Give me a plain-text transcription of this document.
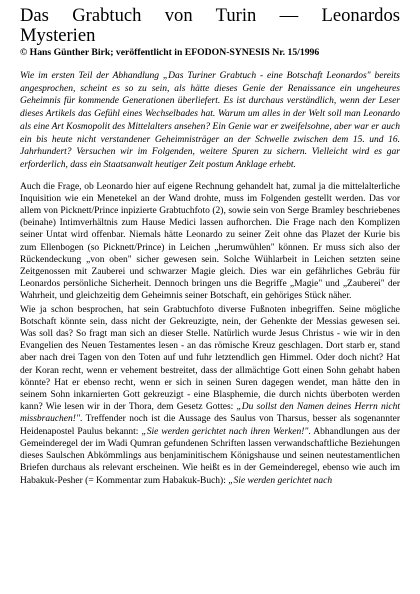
Das Grabtuch von Turin — Leonardos
Mysterien
© Hans Günther Birk; veröffentlicht in EFODON-SYNESIS Nr. 15/1996

Wie im ersten Teil der Abhandlung „Das Turiner Grabtuch - eine Botschaft Leonardos" bereits angesprochen, scheint es so zu sein, als hätte dieses Genie der Renaissance ein ungeheures Geheimnis für kommende Generationen überliefert. Es ist durchaus verständlich, wenn der Leser dieses Artikels das Gefühl eines Wechselbades hat. Warum um alles in der Welt soll man Leonardo als eine Art Kosmopolit des Mittelalters ansehen? Ein Genie war er zweifelsohne, aber war er auch ein bis heute nicht verstandener Geheimnisträger an der Schwelle zwischen dem 15. und 16. Jahrhundert? Versuchen wir im Folgenden, weitere Spuren zu sichern. Vielleicht wird es gar erforderlich, dass ein Staatsanwalt heutiger Zeit postum Anklage erhebt.

Auch die Frage, ob Leonardo hier auf eigene Rechnung gehandelt hat, zumal ja die mittelalterliche Inquisition wie ein Menetekel an der Wand drohte, muss im Folgenden gestellt werden. Das vor allem von Picknett/Prince inpizierte Grabtuchfoto (2), sowie sein von Serge Bramley beschriebenes (beinahe) Intimverhältnis zum Hause Medici lassen aufhorchen. Die Frage nach den Komplizen seiner Untat wird offenbar. Niemals hätte Leonardo zu seiner Zeit ohne das Plazet der Kurie bis zum Ellenbogen (so Picknett/Prince) in Leichen „herumwühlen" können. Er muss sich also der Rückendeckung „von oben" sicher gewesen sein. Solche Wühlarbeit in Leichen setzten seine Zeitgenossen mit Zauberei und schwarzer Magie gleich. Dies war ein gefährliches Gebräu für Leonardos persönliche Sicherheit. Dennoch bringen uns die Begriffe „Magie" und „Zauberei" der Wahrheit, und gleichzeitig dem Geheimnis seiner Botschaft, ein gehöriges Stück näher.

Wie ja schon besprochen, hat sein Grabtuchfoto diverse Fußnoten inbegriffen. Seine mögliche Botschaft könnte sein, dass nicht der Gekreuzigte, nein, der Gehenkte der Messias gewesen sei. Was soll das? So fragt man sich an dieser Stelle. Natürlich wurde Jesus Christus - wie wir in den Evangelien des Neuen Testamentes lesen - an das römische Kreuz geschlagen. Dort starb er, stand aber nach drei Tagen von den Toten auf und fuhr letztendlich gen Himmel. Oder doch nicht? Hat der Koran recht, wenn er vehement bestreitet, dass der allmächtige Gott einen Sohn gehabt haben könnte? Hat er ebenso recht, wenn er sich in seinen Suren dagegen wendet, man hätte den in seinem Sohn inkarnierten Gott gekreuzigt - eine Blasphemie, die durch nichts überboten werden kann? Wie lesen wir in der Thora, dem Gesetz Gottes: „Du sollst den Namen deines Herrn nicht missbrauchen!". Treffender noch ist die Aussage des Saulus von Tharsus, besser als sogenannter Heidenapostel Paulus bekannt: „Sie werden gerichtet nach ihren Werken!". Abhandlungen aus der Gemeinderegel der im Wadi Qumran gefundenen Schriften lassen verwandschaftliche Beziehungen dieses Saulschen Abkömmlings aus benjaminitischem Königshause und seinen neutestamentlichen Briefen durchaus als relevant erscheinen. Wie heißt es in der Gemeinderegel, ebenso wie auch im Habakuk-Pesher (= Kommentar zum Habakuk-Buch): „Sie werden gerichtet nach
